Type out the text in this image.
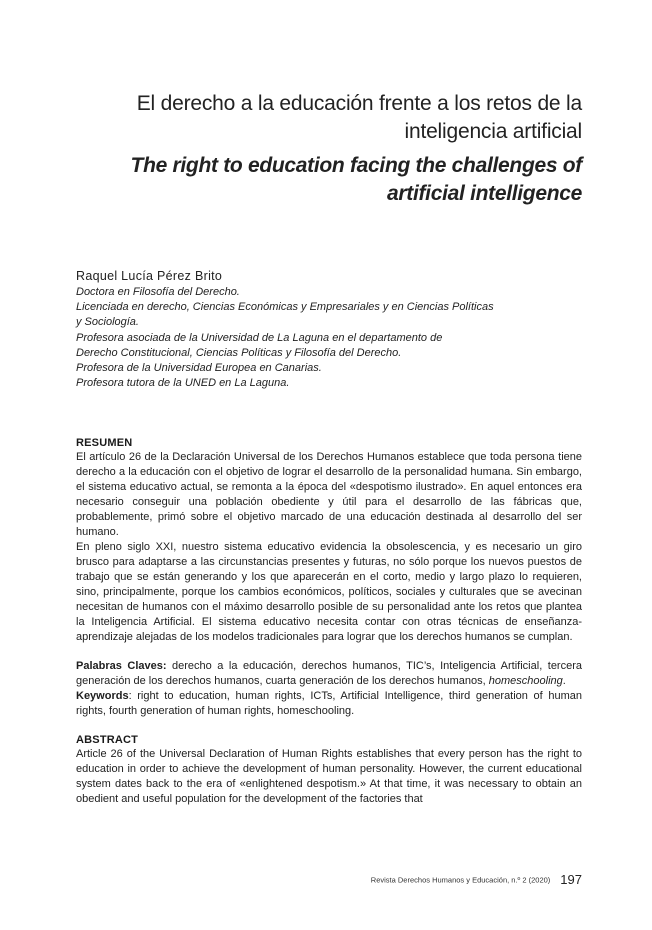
El derecho a la educación frente a los retos de la
inteligencia artificial

The right to education facing the challenges of
artificial intelligence

Raquel Lucía Pérez Brito

Doctora en Filosofía del Derecho.

Licenciada en derecho, Ciencias Económicas y Empresariales y en Ciencias Políticas

y Sociología.

Profesora asociada de la Universidad de La Laguna en el departamento de

Derecho Constitucional, Ciencias Políticas y Filosofía del Derecho.

Profesora de la Universidad Europea en Canarias.

Profesora tutora de la UNED en La Laguna.

RESUMEN

El artículo 26 de la Declaración Universal de los Derechos Humanos establece que toda persona tiene derecho a la educación con el objetivo de lograr el desarrollo de la personalidad humana. Sin embargo, el sistema educativo actual, se remonta a la época del «despotismo ilustrado». En aquel entonces era necesario conseguir una población obediente y útil para el desarrollo de las fábricas que, probablemente, primó sobre el objetivo marcado de una educación destinada al desarrollo del ser humano.

En pleno siglo XXI, nuestro sistema educativo evidencia la obsolescencia, y es necesario un giro brusco para adaptarse a las circunstancias presentes y futuras, no sólo porque los nuevos puestos de trabajo que se están generando y los que aparecerán en el corto, medio y largo plazo lo requieren, sino, principalmente, porque los cambios económicos, políticos, sociales y culturales que se avecinan necesitan de humanos con el máximo desarrollo posible de su personalidad ante los retos que plantea la Inteligencia Artificial. El sistema educativo necesita contar con otras técnicas de enseñanza-aprendizaje alejadas de los modelos tradicionales para lograr que los derechos humanos se cumplan.

Palabras Claves: derecho a la educación, derechos humanos, TIC’s, Inteligencia Artificial, tercera generación de los derechos humanos, cuarta generación de los derechos humanos, homeschooling.

Keywords: right to education, human rights, ICTs, Artificial Intelligence, third generation of human rights, fourth generation of human rights, homeschooling.

ABSTRACT

Article 26 of the Universal Declaration of Human Rights establishes that every person has the right to education in order to achieve the development of human personality. However, the current educational system dates back to the era of «enlightened despotism.» At that time, it was necessary to obtain an obedient and useful population for the development of the factories that

Revista Derechos Humanos y Educación, n.º 2 (2020) 197
